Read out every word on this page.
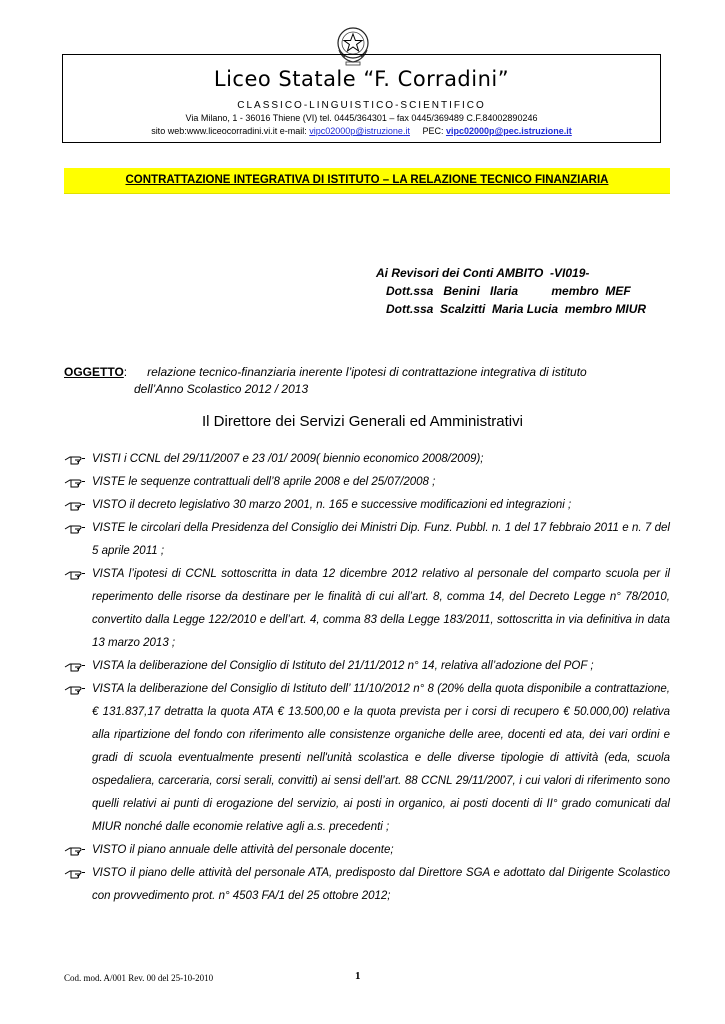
Liceo Statale “F. Corradini”
CLASSICO-LINGUISTICO-SCIENTIFICO
Via Milano, 1 - 36016 Thiene (VI) tel. 0445/364301 – fax 0445/369489 C.F.84002890246
sito web:www.liceocorradini.vi.it e-mail: vipc02000p@istruzione.it     PEC: vipc02000p@pec.istruzione.it
CONTRATTAZIONE INTEGRATIVA DI ISTITUTO – LA RELAZIONE TECNICO FINANZIARIA
Ai Revisori dei Conti AMBITO  -VI019-
Dott.ssa   Benini   Ilaria          membro  MEF
Dott.ssa  Scalzitti  Maria Lucia  membro MIUR
OGGETTO:      relazione tecnico-finanziaria inerente l’ipotesi di contrattazione integrativa di istituto
dell’Anno Scolastico 2012 / 2013
Il Direttore dei Servizi Generali ed Amministrativi
VISTI i CCNL del 29/11/2007 e 23 /01/ 2009( biennio economico 2008/2009);
VISTE le sequenze contrattuali dell’8 aprile 2008 e del 25/07/2008 ;
VISTO il decreto legislativo 30 marzo 2001, n. 165 e successive modificazioni ed integrazioni ;
VISTE le circolari della Presidenza del Consiglio dei Ministri Dip. Funz. Pubbl. n. 1 del 17 febbraio 2011 e n. 7 del 5 aprile 2011 ;
VISTA l’ipotesi di CCNL sottoscritta in data 12 dicembre 2012 relativo al personale del comparto scuola per il reperimento delle risorse da destinare per le finalità di cui all’art. 8, comma 14, del Decreto Legge n° 78/2010, convertito dalla Legge 122/2010 e dell’art. 4, comma 83 della Legge 183/2011, sottoscritta in via definitiva in data 13 marzo 2013 ;
VISTA la deliberazione del Consiglio di Istituto del 21/11/2012 n° 14, relativa all’adozione del POF ;
VISTA la deliberazione del Consiglio di Istituto dell’ 11/10/2012 n° 8 (20% della quota disponibile a contrattazione, € 131.837,17 detratta la quota ATA € 13.500,00 e la quota prevista per i corsi di recupero € 50.000,00) relativa alla ripartizione del fondo con riferimento alle consistenze organiche delle aree, docenti ed ata, dei vari ordini e gradi di scuola eventualmente presenti nell'unità scolastica e delle diverse tipologie di attività (eda, scuola ospedaliera, carceraria, corsi serali, convitti) ai sensi dell’art. 88 CCNL 29/11/2007, i cui valori di riferimento sono quelli relativi ai punti di erogazione del servizio, ai posti in organico, ai posti docenti di II° grado comunicati dal MIUR nonché dalle economie relative agli a.s. precedenti ;
VISTO il piano annuale delle attività del personale docente;
VISTO il piano delle attività del personale ATA, predisposto dal Direttore SGA e adottato dal Dirigente Scolastico con provvedimento prot. n° 4503 FA/1 del 25 ottobre 2012;
Cod. mod. A/001 Rev. 00 del 25-10-2010	1
